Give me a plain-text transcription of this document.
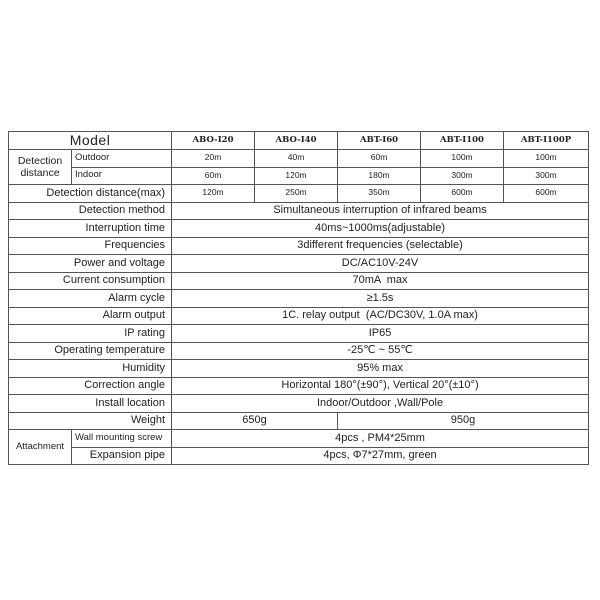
Model		ABO-I20	ABO-I40	ABT-I60	ABT-I100	ABT-I100P
Detection distance	Outdoor	20m	40m	60m	100m	100m
	Indoor	60m	120m	180m	300m	300m
Detection distance(max)		120m	250m	350m	600m	600m
Detection method		Simultaneous interruption of infrared beams				
Interruption time		40ms~1000ms(adjustable)				
Frequencies		3different frequencies (selectable)				
Power and voltage		DC/AC10V-24V				
Current consumption		70mA  max				
Alarm cycle		≥1.5s				
Alarm output		1C. relay output  (AC/DC30V, 1.0A max)				
IP rating		IP65				
Operating temperature		-25℃ ~ 55℃				
Humidity		95% max				
Correction angle		Horizontal 180°(±90°), Vertical 20°(±10°)				
Install location		Indoor/Outdoor ,Wall/Pole				
Weight		650g		950g		
Attachment	Wall mounting screw	4pcs , PM4*25mm				
	Expansion pipe	4pcs, Φ7*27mm, green				
